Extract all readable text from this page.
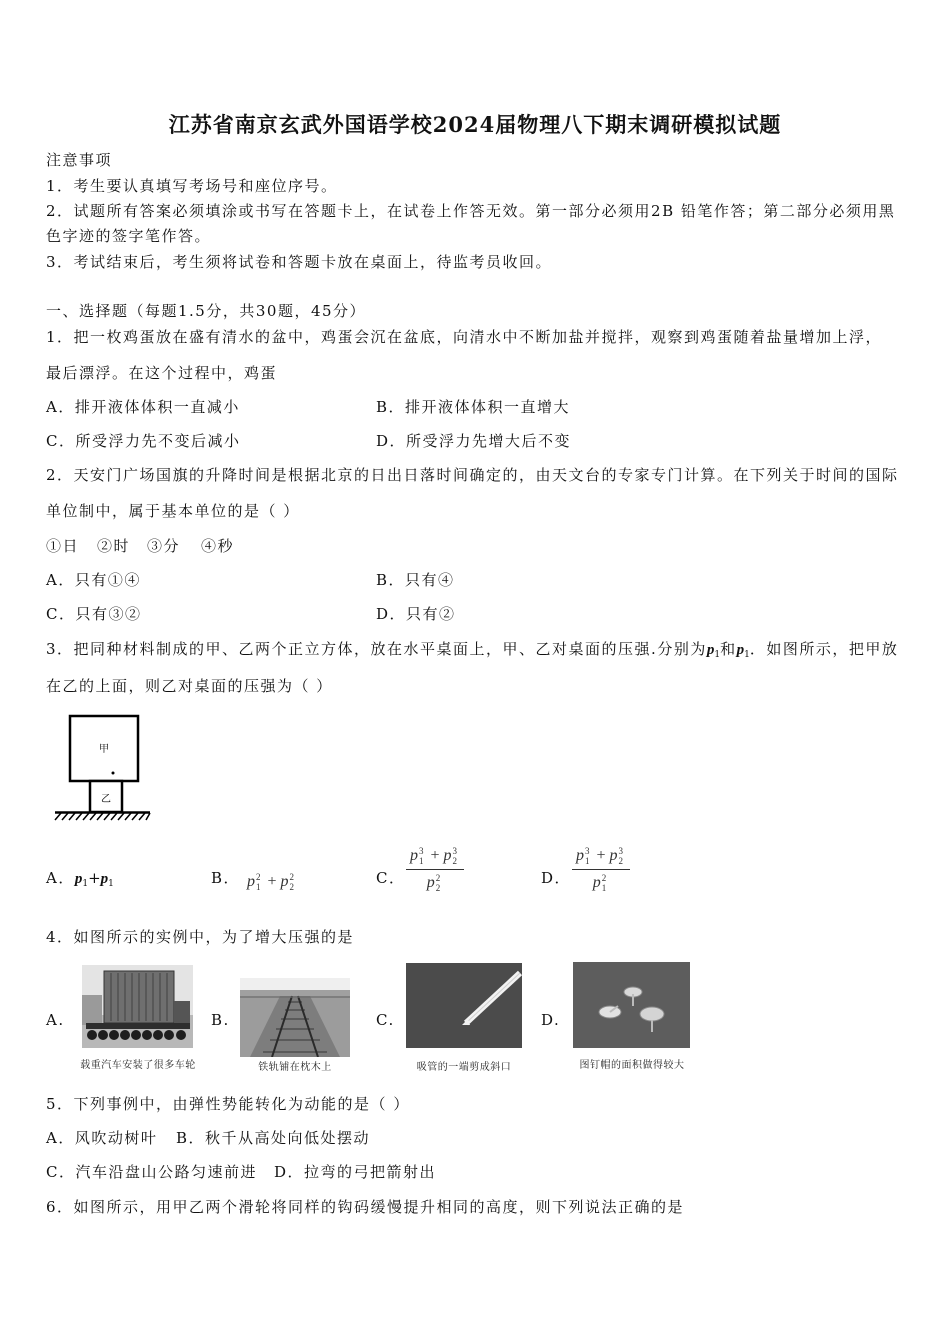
江苏省南京玄武外国语学校2024届物理八下期末调研模拟试题
注意事项
1．考生要认真填写考场号和座位序号。
2．试题所有答案必须填涂或书写在答题卡上，在试卷上作答无效。第一部分必须用2B 铅笔作答；第二部分必须用黑
色字迹的签字笔作答。
3．考试结束后，考生须将试卷和答题卡放在桌面上，待监考员收回。
一、选择题（每题1.5分，共30题，45分）
1．把一枚鸡蛋放在盛有清水的盆中，鸡蛋会沉在盆底，向清水中不断加盐并搅拌，观察到鸡蛋随着盐量增加上浮，
最后漂浮。在这个过程中，鸡蛋
A．排开液体体积一直减小	B．排开液体体积一直增大
C．所受浮力先不变后减小	D．所受浮力先增大后不变
2．天安门广场国旗的升降时间是根据北京的日出日落时间确定的，由天文台的专家专门计算。在下列关于时间的国际
单位制中，属于基本单位的是（ ）
①日 ②时 ③分 ④秒
A．只有①④	B．只有④
C．只有③②	D．只有②
3．把同种材料制成的甲、乙两个正立方体，放在水平桌面上，甲、乙对桌面的压强.分别为$p_1$和$p_1$．如图所示，把甲放
在乙的上面，则乙对桌面的压强为（ ）
甲
乙
A．$p_1+p_1$	B． p 2
1 + p 2
2
C． p 3
1 + p 3
2
p 2
2	D． p 3
1 + p 3
2
p 2
1
4．如图所示的实例中，为了增大压强的是
A.
载重汽车安装了很多车轮
B.
铁轨铺在枕木上
C.
吸管的一端剪成斜口
D.
图钉帽的面积做得较大
5．下列事例中，由弹性势能转化为动能的是（ ）
A．风吹动树叶 B．秋千从高处向低处摆动
C．汽车沿盘山公路匀速前进 D．拉弯的弓把箭射出
6．如图所示，用甲乙两个滑轮将同样的钩码缓慢提升相同的高度，则下列说法正确的是
